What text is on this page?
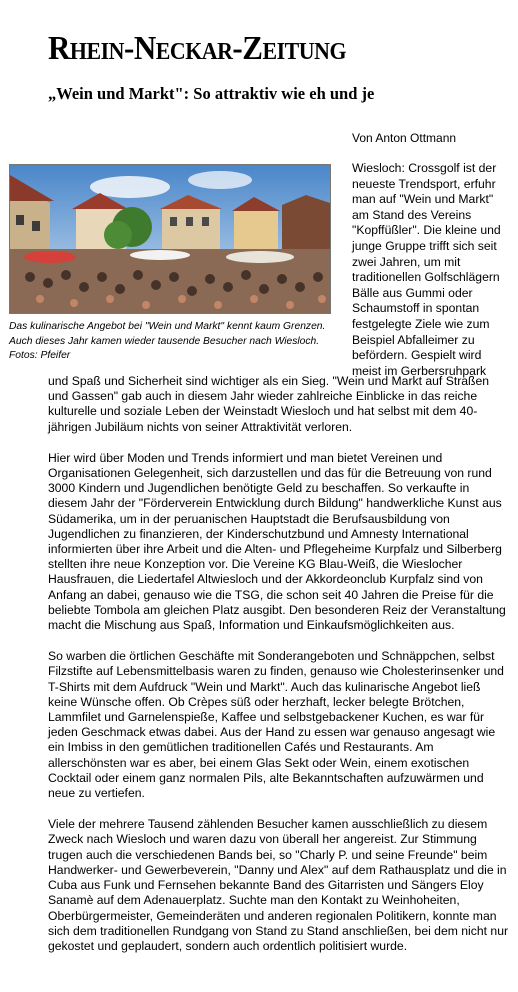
Rhein-Neckar-Zeitung
„Wein und Markt": So attraktiv wie eh und je
Von Anton Ottmann
Das kulinarische Angebot bei "Wein und Markt" kennt kaum Grenzen. Auch dieses Jahr kamen wieder tausende Besucher nach Wiesloch. Fotos: Pfeifer

Wiesloch: Crossgolf ist der neueste Trendsport, erfuhr man auf "Wein und Markt" am Stand des Vereins "Kopffüßler". Die kleine und junge Gruppe trifft sich seit zwei Jahren, um mit traditionellen Golfschlägern Bälle aus Gummi oder Schaumstoff in spontan festgelegte Ziele wie zum Beispiel Abfalleimer zu befördern. Gespielt wird meist im Gerbersruhpark

und Spaß und Sicherheit sind wichtiger als ein Sieg. "Wein und Markt auf Straßen und Gassen" gab auch in diesem Jahr wieder zahlreiche Einblicke in das reiche kulturelle und soziale Leben der Weinstadt Wiesloch und hat selbst mit dem 40-jährigen Jubiläum nichts von seiner Attraktivität verloren.

Hier wird über Moden und Trends informiert und man bietet Vereinen und Organisationen Gelegenheit, sich darzustellen und das für die Betreuung von rund 3000 Kindern und Jugendlichen benötigte Geld zu beschaffen. So verkaufte in diesem Jahr der "Förderverein Entwicklung durch Bildung" handwerkliche Kunst aus Südamerika, um in der peruanischen Hauptstadt die Berufsausbildung von Jugendlichen zu finanzieren, der Kinderschutzbund und Amnesty International informierten über ihre Arbeit und die Alten- und Pflegeheime Kurpfalz und Silberberg stellten ihre neue Konzeption vor. Die Vereine KG Blau-Weiß, die Wieslocher Hausfrauen, die Liedertafel Altwiesloch und der Akkordeonclub Kurpfalz sind von Anfang an dabei, genauso wie die TSG, die schon seit 40 Jahren die Preise für die beliebte Tombola am gleichen Platz ausgibt. Den besonderen Reiz der Veranstaltung macht die Mischung aus Spaß, Information und Einkaufsmöglichkeiten aus.

So warben die örtlichen Geschäfte mit Sonderangeboten und Schnäppchen, selbst Filzstifte auf Lebensmittelbasis waren zu finden, genauso wie Cholesterinsenker und T-Shirts mit dem Aufdruck "Wein und Markt". Auch das kulinarische Angebot ließ keine Wünsche offen. Ob Crèpes süß oder herzhaft, lecker belegte Brötchen, Lammfilet und Garnelenspieße, Kaffee und selbstgebackener Kuchen, es war für jeden Geschmack etwas dabei. Aus der Hand zu essen war genauso angesagt wie ein Imbiss in den gemütlichen traditionellen Cafés und Restaurants. Am allerschönsten war es aber, bei einem Glas Sekt oder Wein, einem exotischen Cocktail oder einem ganz normalen Pils, alte Bekanntschaften aufzuwärmen und neue zu vertiefen.

Viele der mehrere Tausend zählenden Besucher kamen ausschließlich zu diesem Zweck nach Wiesloch und waren dazu von überall her angereist. Zur Stimmung trugen auch die verschiedenen Bands bei, so "Charly P. und seine Freunde" beim Handwerker- und Gewerbeverein, "Danny und Alex" auf dem Rathausplatz und die in Cuba aus Funk und Fernsehen bekannte Band des Gitarristen und Sängers Eloy Sanamè auf dem Adenauerplatz. Suchte man den Kontakt zu Weinhoheiten, Oberbürgermeister, Gemeinderäten und anderen regionalen Politikern, konnte man sich dem traditionellen Rundgang von Stand zu Stand anschließen, bei dem nicht nur gekostet und geplaudert, sondern auch ordentlich politisiert wurde.
